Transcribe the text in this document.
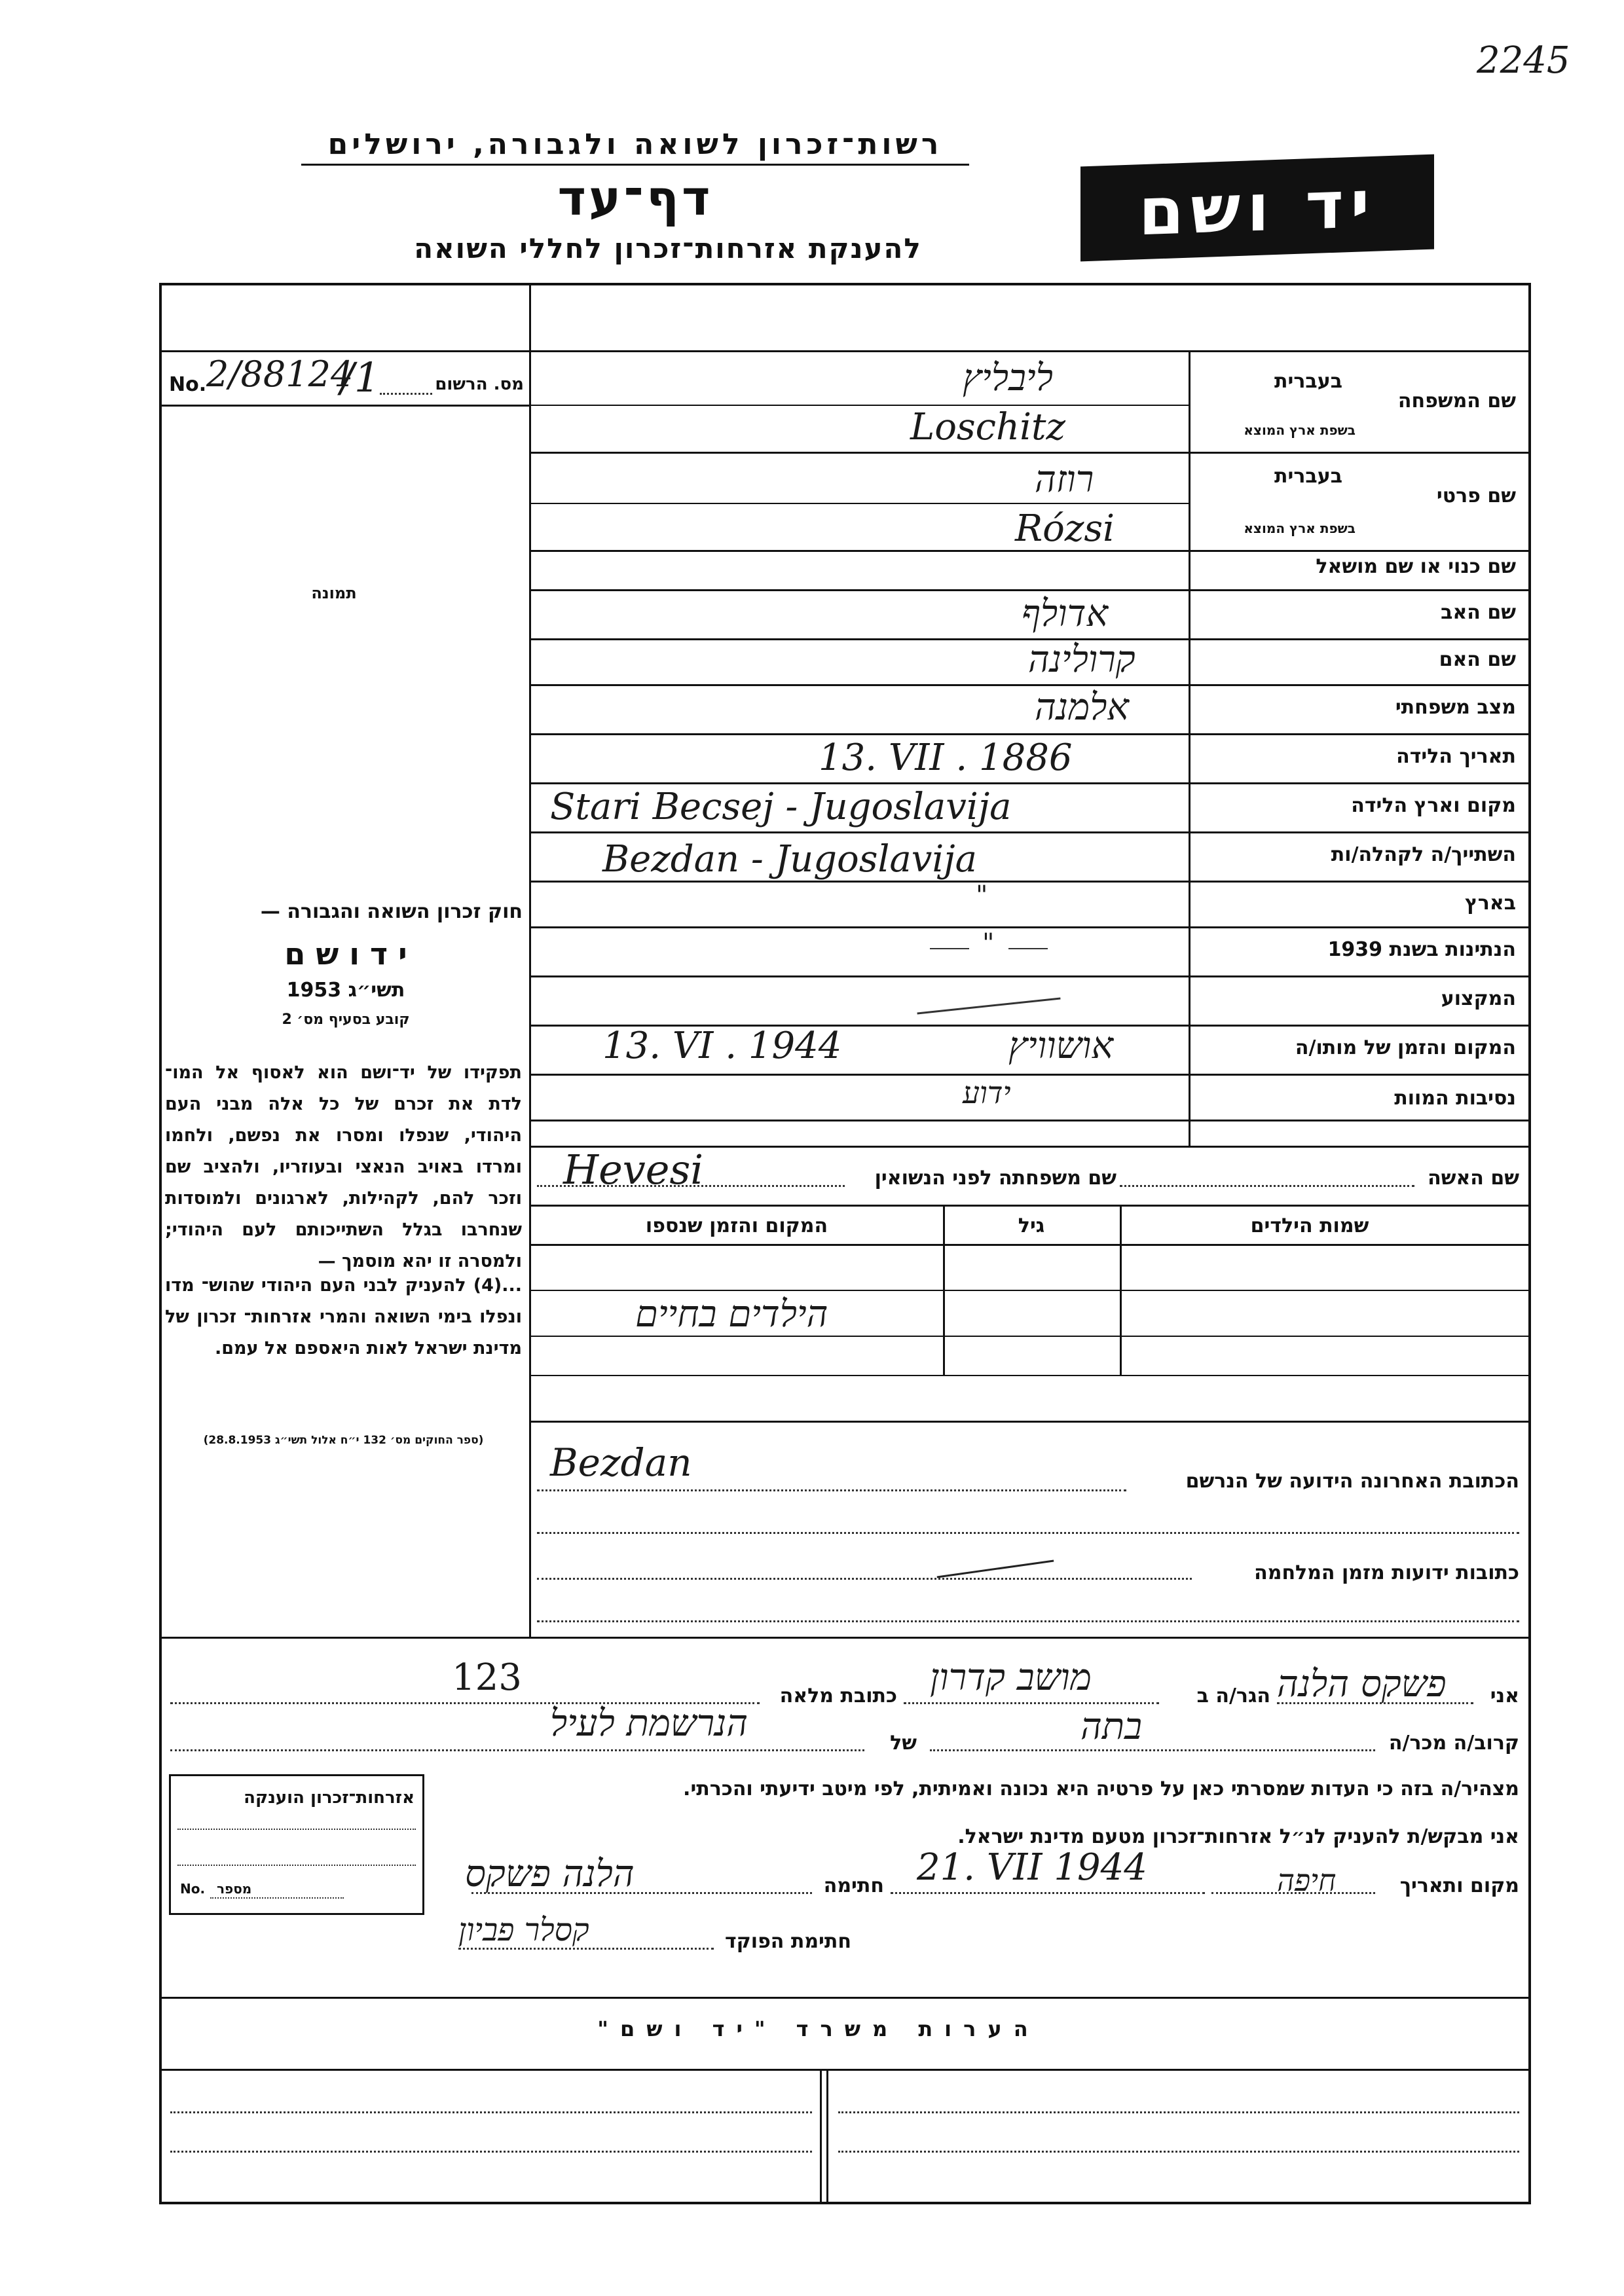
2245
רשות־זכרון לשואה ולגבורה, ירושלים
דף־עד
להענקת אזרחות־זכרון לחללי השואה	יד ושם
No. 2/88124
/1	מס. הרשום
תמונה
חוק זכרון השואה והגבורה —
י ד ו ש ם
תשי״ג 1953
קובע בסעיף מס׳ 2
תפקידו של יד־ושם הוא לאסוף אל המו־ לדת את זכרם של כל אלה מבני העם היהודי, שנפלו ומסרו את נפשם, ולחמו ומרדו באויב הנאצי ובעוזריו, ולהציב שם וזכר להם, לקהילות, לארגונים ולמוסדות שנחרבו בגלל השתייכותם לעם היהודי; ולמסרה זו יהא מוסמך —
...(4) להעניק לבני העם היהודי שהוש־ מדו ונפלו בימי השואה והמרי אזרחות־ זכרון של מדינת ישראל לאות היאספם אל עמם.
(ספר החוקים מס׳ 132 י״ח אלול תשי״ג 28.8.1953)
בעברית
שם המשפחה
בשפת ארץ המוצא
ליבליץ
Loschitz
בעברית
שם פרטי
בשפת ארץ המוצא
רוזה
Rózsi
שם כנוי או שם מושאל
שם האב
אדולף
שם האם
קרולינה
מצב משפחתי
אלמנה
תאריך הלידה
13. VII . 1886
מקום וארץ הלידה
Stari Becsej - Jugoslavija
השתייך/ה לקהלה/ות
Bezdan - Jugoslavija
בארץ
"
הנתינות בשנת 1939
"
המקצוע
המקום והזמן של מותו/ה
13. VI . 1944	אושוויץ
נסיבות המוות
ידוע
שם האשה
שם משפחתה לפני הנשואין
Hevesi
שמות הילדים
גיל
המקום והזמן שנספו
הילדים בחיים
Bezdan	הכתובת האחרונה הידועה של הנרשם
כתובות ידועות מזמן המלחמה
אני
פשקס הלנה
הגר/ה ב
מושב קדרון
כתובת מלאה
123
קרוב/ה מכר/ה
בתה
של
הנרשמת לעיל
מצהיר/ה בזה כי העדות שמסרתי כאן על פרטיה היא נכונה ואמיתית, לפי מיטב ידיעתי והכרתי.
אני מבקש/ת להעניק לנ״ל אזרחות־זכרון מטעם מדינת ישראל.
מקום ותאריך
חיפה
21. VII 1944
חתימה
הלנה פשקס
חתימת הפוקד
קסלר פביון
אזרחות־זכרון הוענקה
No. מספר
הערות משרד "יד ושם"
